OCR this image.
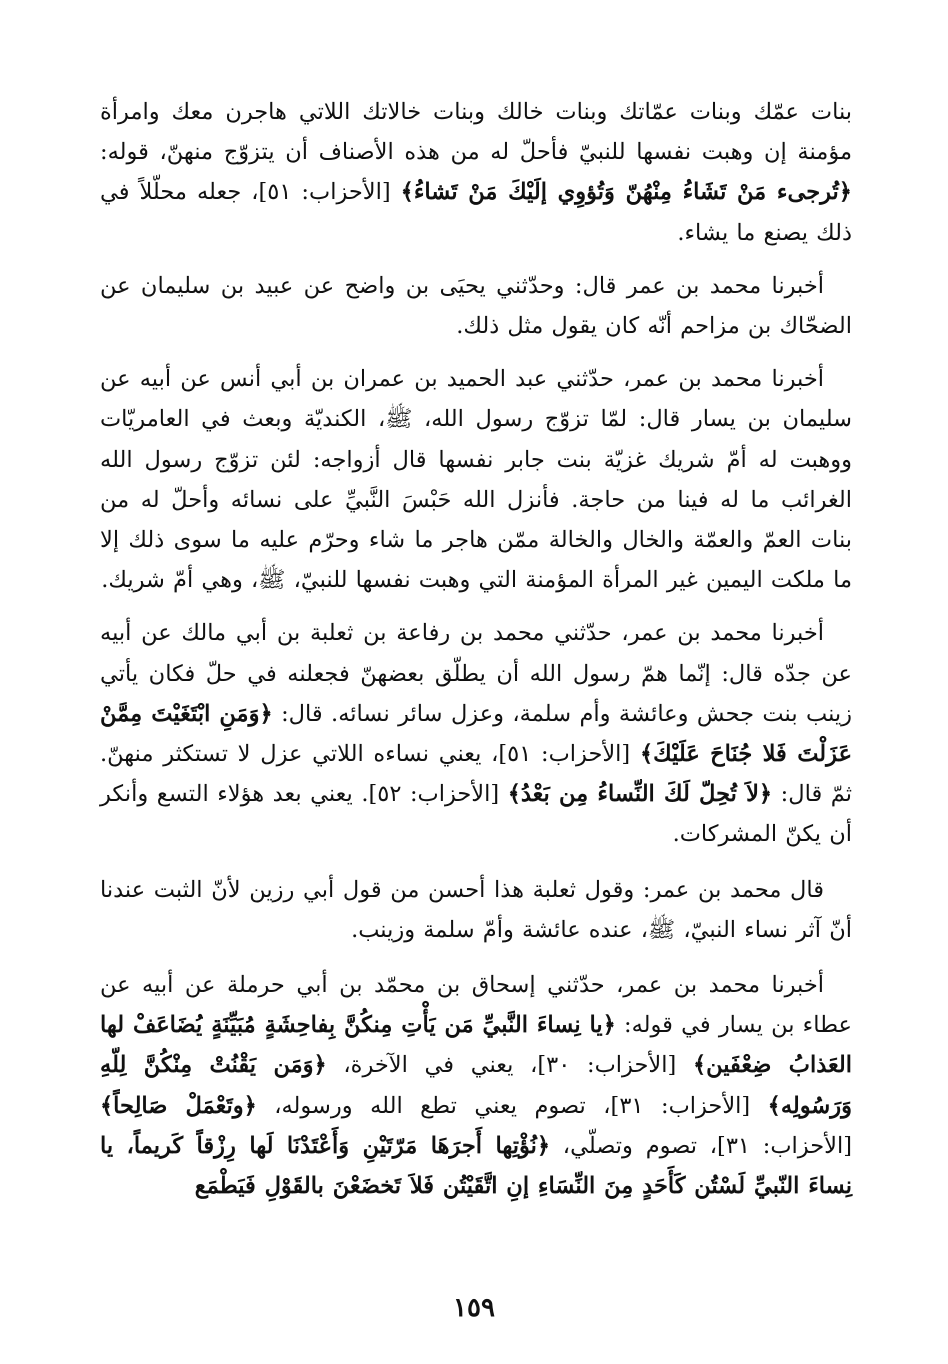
بنات عمّك وبنات عمّاتك وبنات خالك وبنات خالاتك اللاتي هاجرن معك وامرأة مؤمنة إن وهبت نفسها للنبيّ فأحلّ له من هذه الأصناف أن يتزوّج منهنّ، قوله: ﴿تُرجىء مَنْ تَشَاءُ مِنْهُنّ وَتُؤوِي إلَيْكَ مَنْ تَشاءُ﴾ [الأحزاب: ٥١]، جعله محلّلاً في ذلك يصنع ما يشاء.

أخبرنا محمد بن عمر قال: وحدّثني يحيَى بن واضح عن عبيد بن سليمان عن الضحّاك بن مزاحم أنّه كان يقول مثل ذلك.

أخبرنا محمد بن عمر، حدّثني عبد الحميد بن عمران بن أبي أنس عن أبيه عن سليمان بن يسار قال: لمّا تزوّج رسول الله، ﷺ، الكنديّة وبعث في العامريّات ووهبت له أمّ شريك غزيّة بنت جابر نفسها قال أزواجه: لئن تزوّج رسول الله الغرائب ما له فينا من حاجة. فأنزل الله حَبْسَ النَّبيِّ على نسائه وأحلّ له من بنات العمّ والعمّة والخال والخالة ممّن هاجر ما شاء وحرّم عليه ما سوى ذلك إلا ما ملكت اليمين غير المرأة المؤمنة التي وهبت نفسها للنبيّ، ﷺ، وهي أمّ شريك.

أخبرنا محمد بن عمر، حدّثني محمد بن رفاعة بن ثعلبة بن أبي مالك عن أبيه عن جدّه قال: إنّما همّ رسول الله أن يطلّق بعضهنّ فجعلنه في حلّ فكان يأتي زينب بنت جحش وعائشة وأم سلمة، وعزل سائر نسائه. قال: ﴿وَمَنِ ابْتَغَيْتَ مِمَّنْ عَزَلْتَ فَلا جُنَاحَ عَلَيْكَ﴾ [الأحزاب: ٥١]، يعني نساءه اللاتي عزل لا تستكثر منهنّ. ثمّ قال: ﴿لاَ تُحِلّ لَكَ النِّساءُ مِن بَعْدُ﴾ [الأحزاب: ٥٢]. يعني بعد هؤلاء التسع وأنكر أن يكنّ المشركات.

قال محمد بن عمر: وقول ثعلبة هذا أحسن من قول أبي رزين لأنّ الثبت عندنا أنّ آثر نساء النبيّ، ﷺ، عنده عائشة وأمّ سلمة وزينب.

أخبرنا محمد بن عمر، حدّثني إسحاق بن محمّد بن أبي حرملة عن أبيه عن عطاء بن يسار في قوله: ﴿يا نِساءَ النَّبيِّ مَن يَأْتِ مِنكُنَّ بِفاحِشَةٍ مُبَيِّنَةٍ يُضَاعَفْ لها العَذابُ ضِعْفَين﴾ [الأحزاب: ٣٠]، يعني في الآخرة، ﴿وَمَن يَقْنُتْ مِنْكُنَّ لِلّهِ وَرَسُولِه﴾ [الأحزاب: ٣١]، تصوم يعني تطع الله ورسوله، ﴿وتَعْمَلْ صَالِحاً﴾ [الأحزاب: ٣١]، تصوم وتصلّي، ﴿نُؤْتِها أَجرَهَا مَرّتَيْنِ وَأَعْتَدْنَا لَها رِزْقاً كَريماً، يا نِساءَ النّبيِّ لَسْتُن كَأَحَدٍ مِنَ النِّسَاءِ إنِ اتَّقَيْتُن فَلاَ تَخضَعْنَ بالقَوْلِ فَيَطْمَع

١٥٩
